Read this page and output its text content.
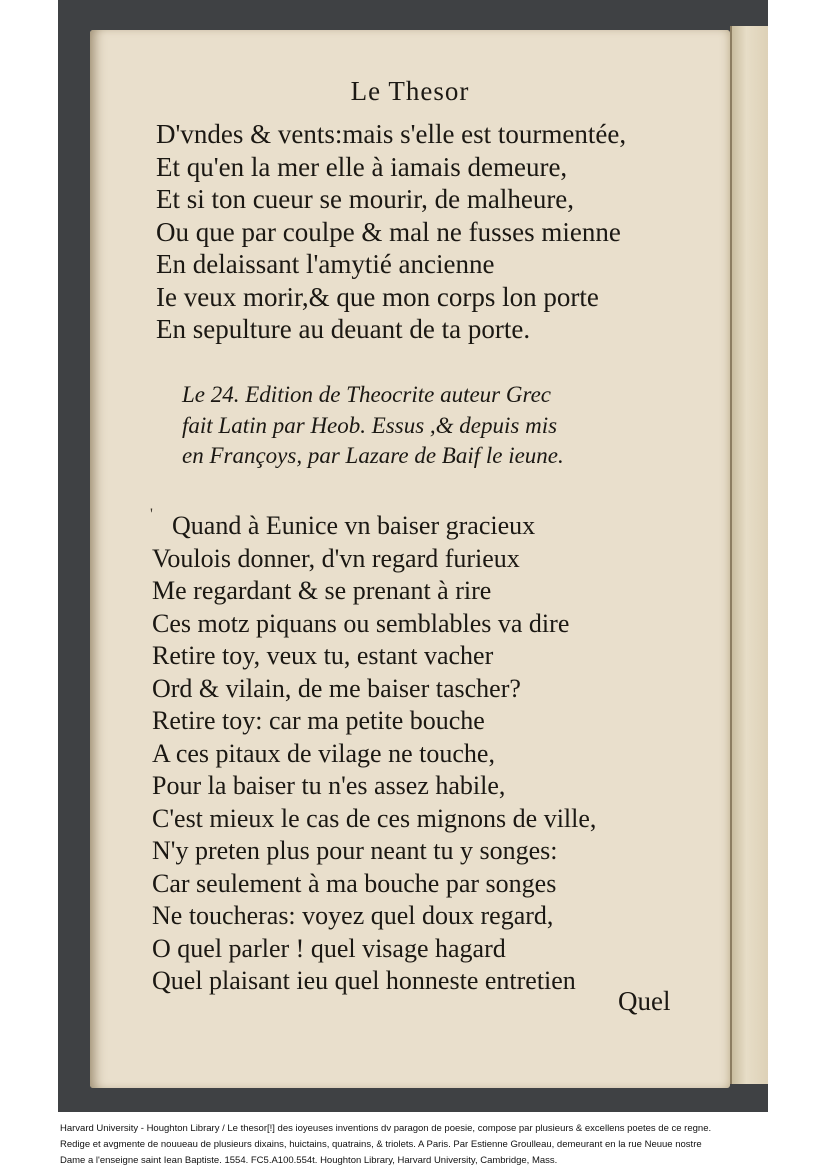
Le Thesor
D'vndes & vents:mais s'elle est tourmentée,
Et qu'en la mer elle à iamais demeure,
Et si ton cueur se mourir, de malheure,
Ou que par coulpe & mal ne fusses mienne
En delaissant l'amytié ancienne
Ie veux morir,& que mon corps lon porte
En sepulture au deuant de ta porte.
Le 24. Edition de Theocrite auteur Grec
fait Latin par Heob. Essus ,& depuis mis
en Françoys, par Lazare de Baif le ieune.
' Quand à Eunice vn baiser gracieux
Voulois donner, d'vn regard furieux
Me regardant & se prenant à rire
Ces motz piquans ou semblables va dire
Retire toy, veux tu, estant vacher
Ord & vilain, de me baiser tascher?
Retire toy: car ma petite bouche
A ces pitaux de vilage ne touche,
Pour la baiser tu n'es assez habile,
C'est mieux le cas de ces mignons de ville,
N'y preten plus pour neant tu y songes:
Car seulement à ma bouche par songes
Ne toucheras: voyez quel doux regard,
O quel parler ! quel visage hagard
Quel plaisant ieu quel honneste entretien
Quel
Harvard University - Houghton Library / Le thesor[!] des ioyeuses inventions dv paragon de poesie, compose par plusieurs & excellens poetes de ce regne.
Redige et avgmente de nouueau de plusieurs dixains, huictains, quatrains, & triolets. A Paris. Par Estienne Groulleau, demeurant en la rue Neuue nostre
Dame a l'enseigne saint Iean Baptiste. 1554. FC5.A100.554t. Houghton Library, Harvard University, Cambridge, Mass.
